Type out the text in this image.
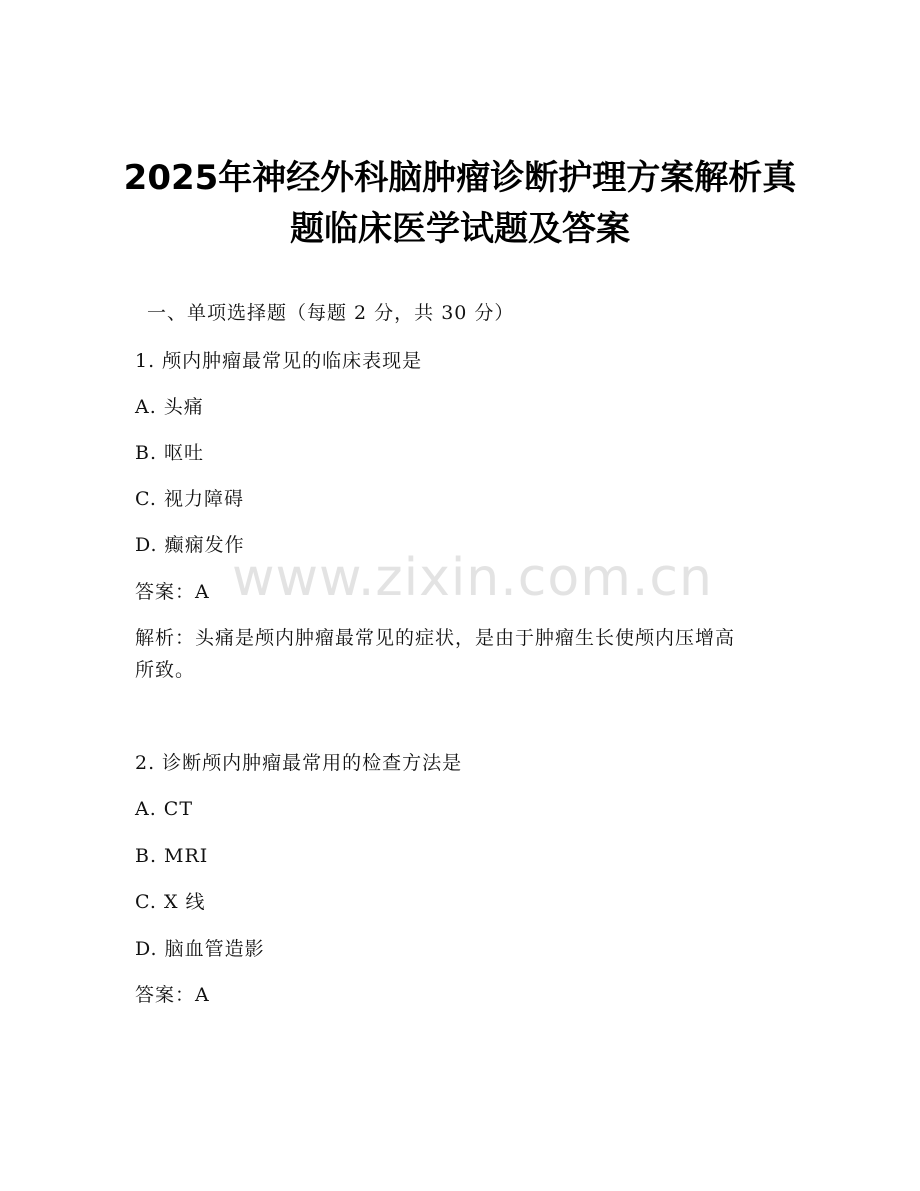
www.zixin.com.cn
2025年神经外科脑肿瘤诊断护理方案解析真
题临床医学试题及答案
一、单项选择题（每题 2 分，共 30 分）
1. 颅内肿瘤最常见的临床表现是
A. 头痛
B. 呕吐
C. 视力障碍
D. 癫痫发作
答案：A
解析：头痛是颅内肿瘤最常见的症状，是由于肿瘤生长使颅内压增高
所致。
2. 诊断颅内肿瘤最常用的检查方法是
A. CT
B. MRI
C. X 线
D. 脑血管造影
答案：A
